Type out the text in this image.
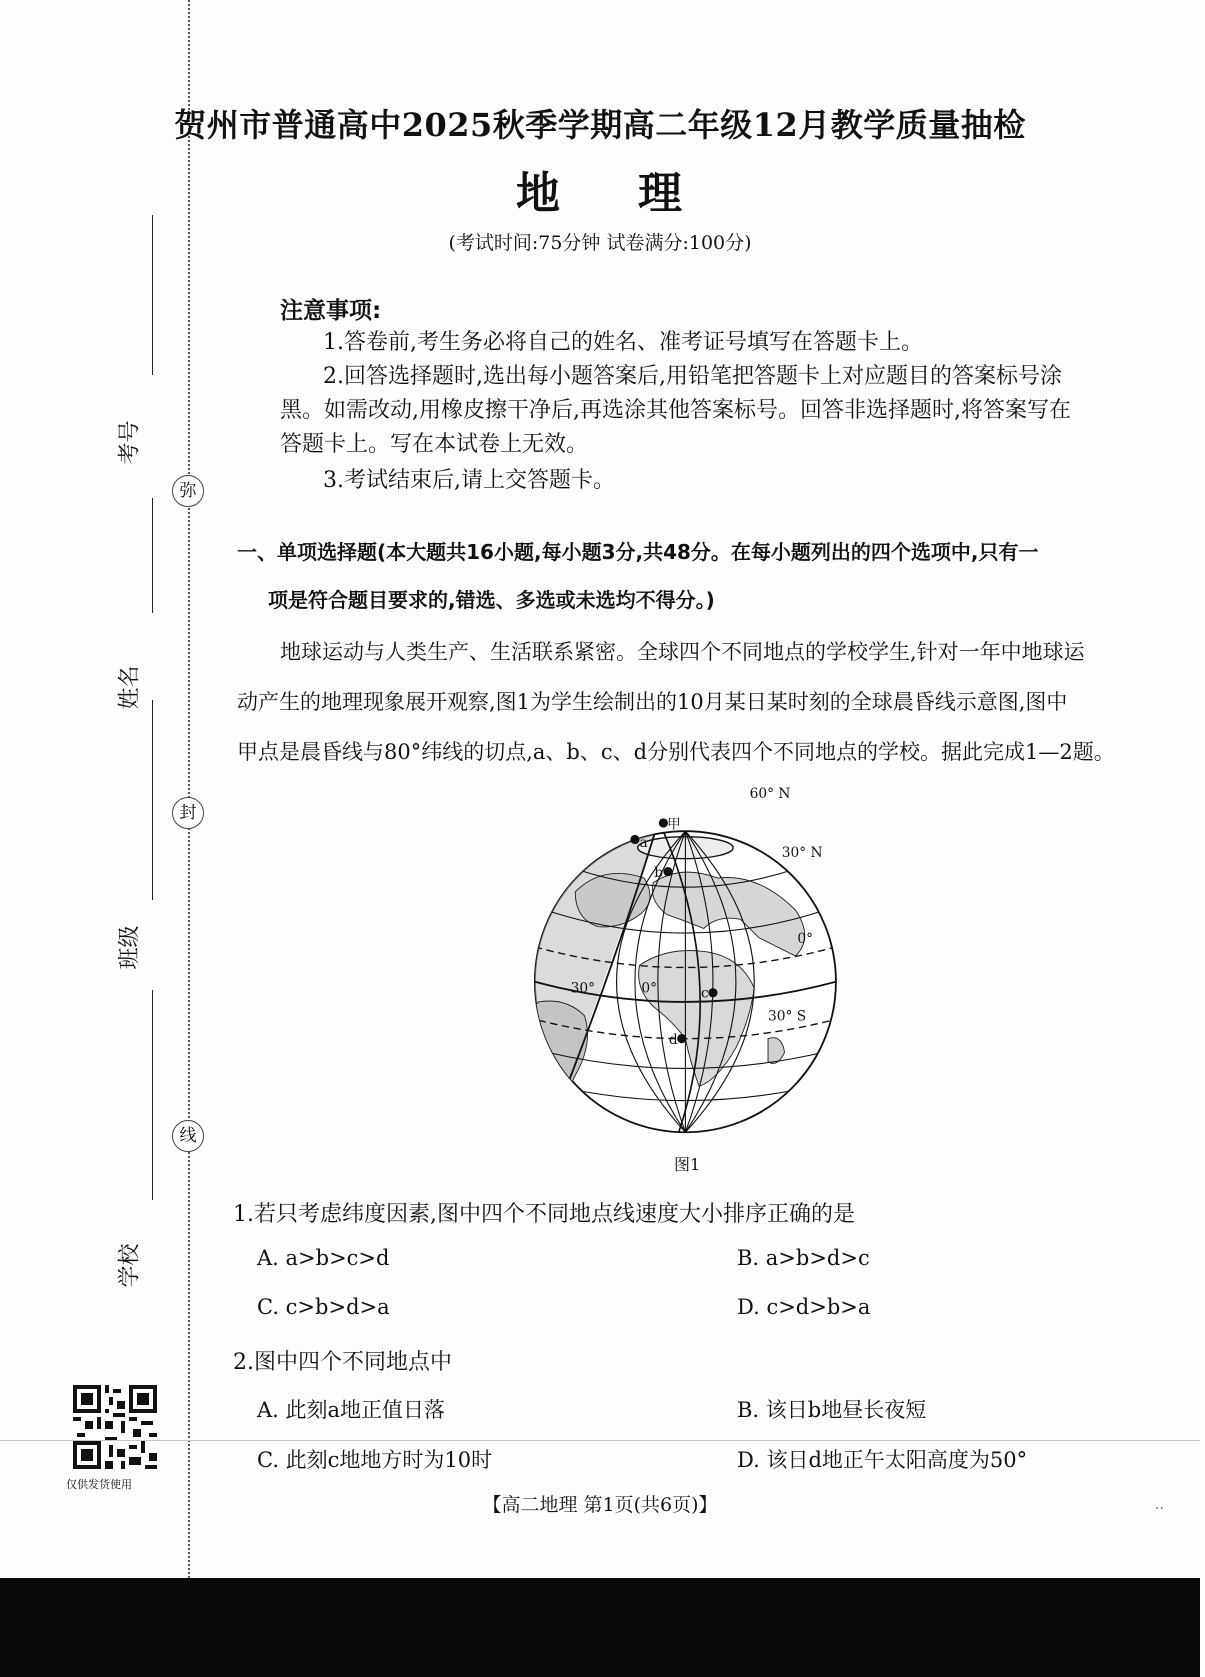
考号
姓名
班级
学校
弥
封
线
仅供发货使用
贺州市普通高中2025秋季学期高二年级12月教学质量抽检
地 理
(考试时间:75分钟 试卷满分:100分)
注意事项:
1.答卷前,考生务必将自己的姓名、准考证号填写在答题卡上。
2.回答选择题时,选出每小题答案后,用铅笔把答题卡上对应题目的答案标号涂
黑。如需改动,用橡皮擦干净后,再选涂其他答案标号。回答非选择题时,将答案写在
答题卡上。写在本试卷上无效。
3.考试结束后,请上交答题卡。
一、单项选择题(本大题共16小题,每小题3分,共48分。在每小题列出的四个选项中,只有一
项是符合题目要求的,错选、多选或未选均不得分。)
地球运动与人类生产、生活联系紧密。全球四个不同地点的学校学生,针对一年中地球运
动产生的地理现象展开观察,图1为学生绘制出的10月某日某时刻的全球晨昏线示意图,图中
甲点是晨昏线与80°纬线的切点,a、b、c、d分别代表四个不同地点的学校。据此完成1—2题。
甲
a
b
c
d
60° N
30° N
0°
30° S
30°	0°
图1
1.若只考虑纬度因素,图中四个不同地点线速度大小排序正确的是
A. a>b>c>d	B. a>b>d>c
C. c>b>d>a	D. c>d>b>a
2.图中四个不同地点中
A. 此刻a地正值日落	B. 该日b地昼长夜短
C. 此刻c地地方时为10时	D. 该日d地正午太阳高度为50°
【高二地理 第1页(共6页)】	..
